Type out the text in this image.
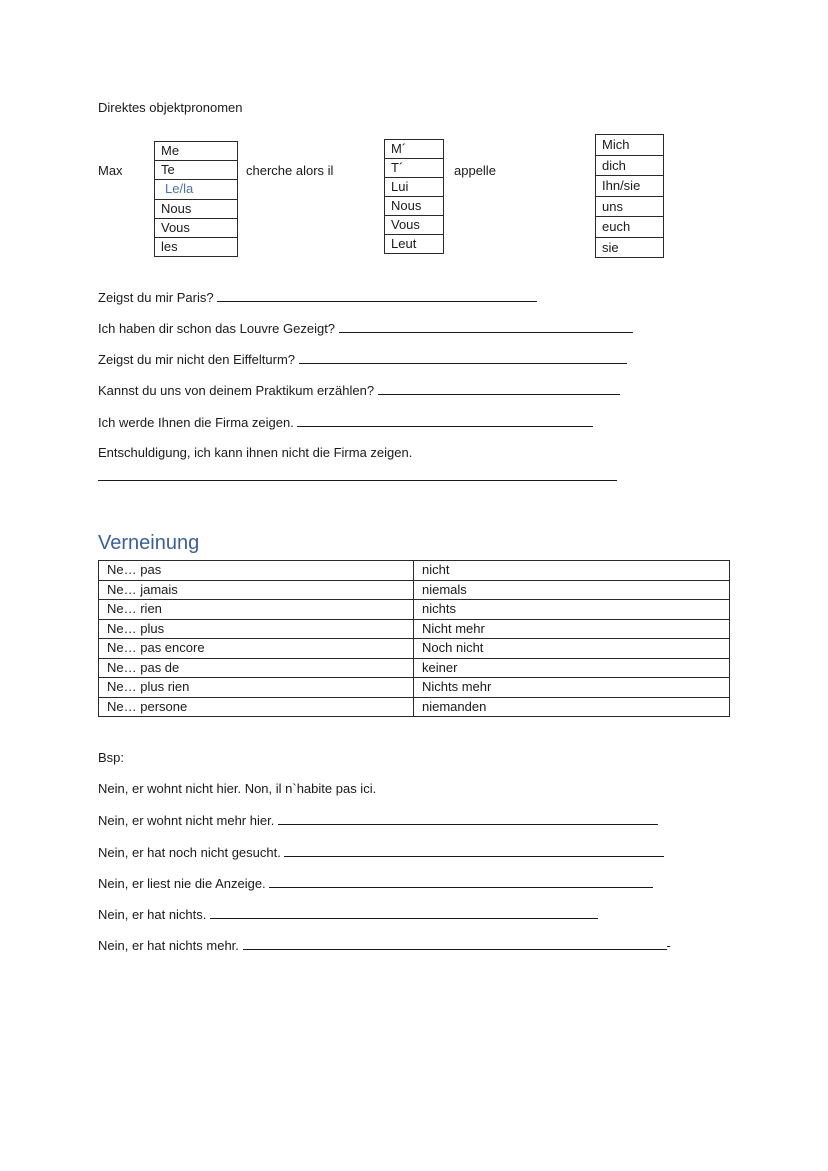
Direktes objektpronomen
Max	cherche alors il	appelle
Me
Te
Le/la
Nous
Vous
les
M´
T´
Lui
Nous
Vous
Leut
Mich
dich
Ihn/sie
uns
euch
sie
Zeigst du mir Paris?
Ich haben dir schon das Louvre Gezeigt?
Zeigst du mir nicht den Eiffelturm?
Kannst du uns von deinem Praktikum erzählen?
Ich werde Ihnen die Firma zeigen.
Entschuldigung, ich kann ihnen nicht die Firma zeigen.
Verneinung
Ne… pas	nicht
Ne… jamais	niemals
Ne… rien	nichts
Ne… plus	Nicht mehr
Ne… pas encore	Noch nicht
Ne… pas de	keiner
Ne… plus rien	Nichts mehr
Ne… persone	niemanden
Bsp:
Nein, er wohnt nicht hier. Non, il n`habite pas ici.
Nein, er wohnt nicht mehr hier.
Nein, er hat noch nicht gesucht.
Nein, er liest nie die Anzeige.
Nein, er hat nichts.
Nein, er hat nichts mehr.	-
